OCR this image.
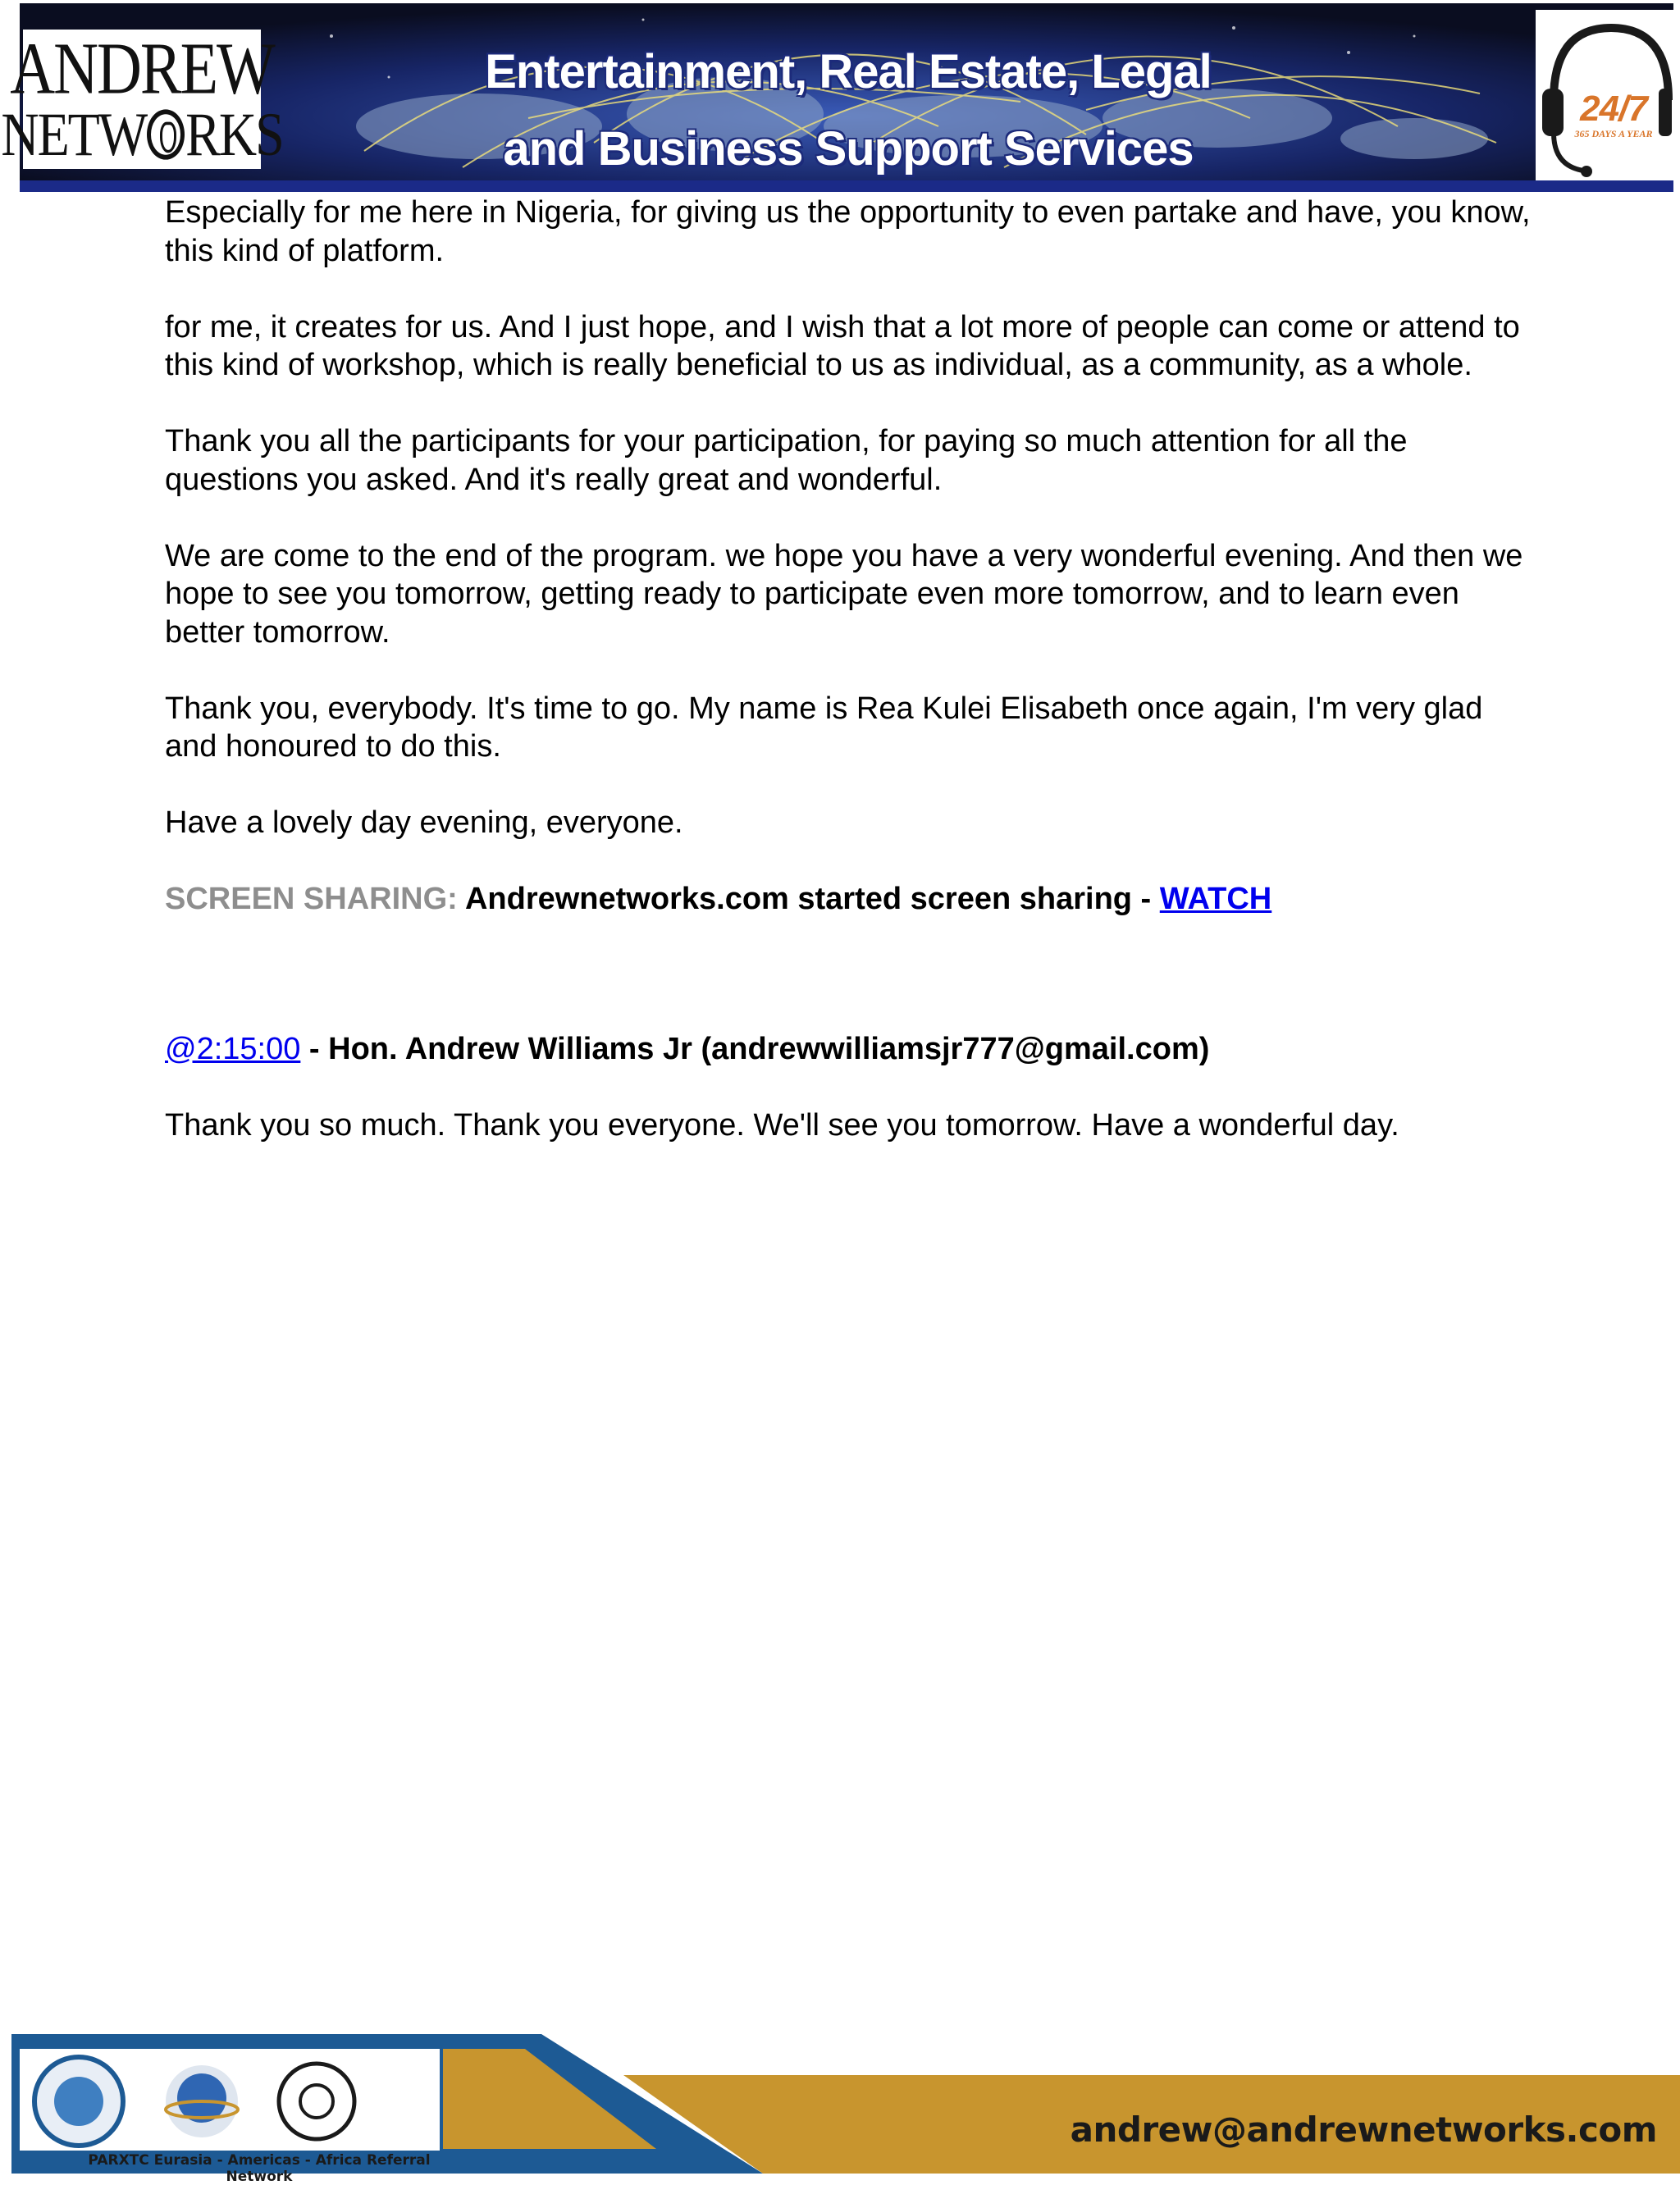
ANDREW
NETW RKS
Entertainment, Real Estate, Legal
and Business Support Services
24/7
365 DAYS A YEAR

Especially for me here in Nigeria, for giving us the opportunity to even partake and have, you know, this kind of platform.

for me, it creates for us. And I just hope, and I wish that a lot more of people can come or attend to this kind of workshop, which is really beneficial to us as individual, as a community, as a whole.

Thank you all the participants for your participation, for paying so much attention for all the questions you asked. And it's really great and wonderful.

We are come to the end of the program. we hope you have a very wonderful evening. And then we hope to see you tomorrow, getting ready to participate even more tomorrow, and to learn even better tomorrow.

Thank you, everybody. It's time to go. My name is Rea Kulei Elisabeth once again, I'm very glad and honoured to do this.

Have a lovely day evening, everyone.

SCREEN SHARING: Andrewnetworks.com started screen sharing - WATCH

@2:15:00 - Hon. Andrew Williams Jr (andrewwilliamsjr777@gmail.com)

Thank you so much. Thank you everyone. We'll see you tomorrow. Have a wonderful day.

PARXTC Eurasia - Americas - Africa Referral Network
andrew@andrewnetworks.com
